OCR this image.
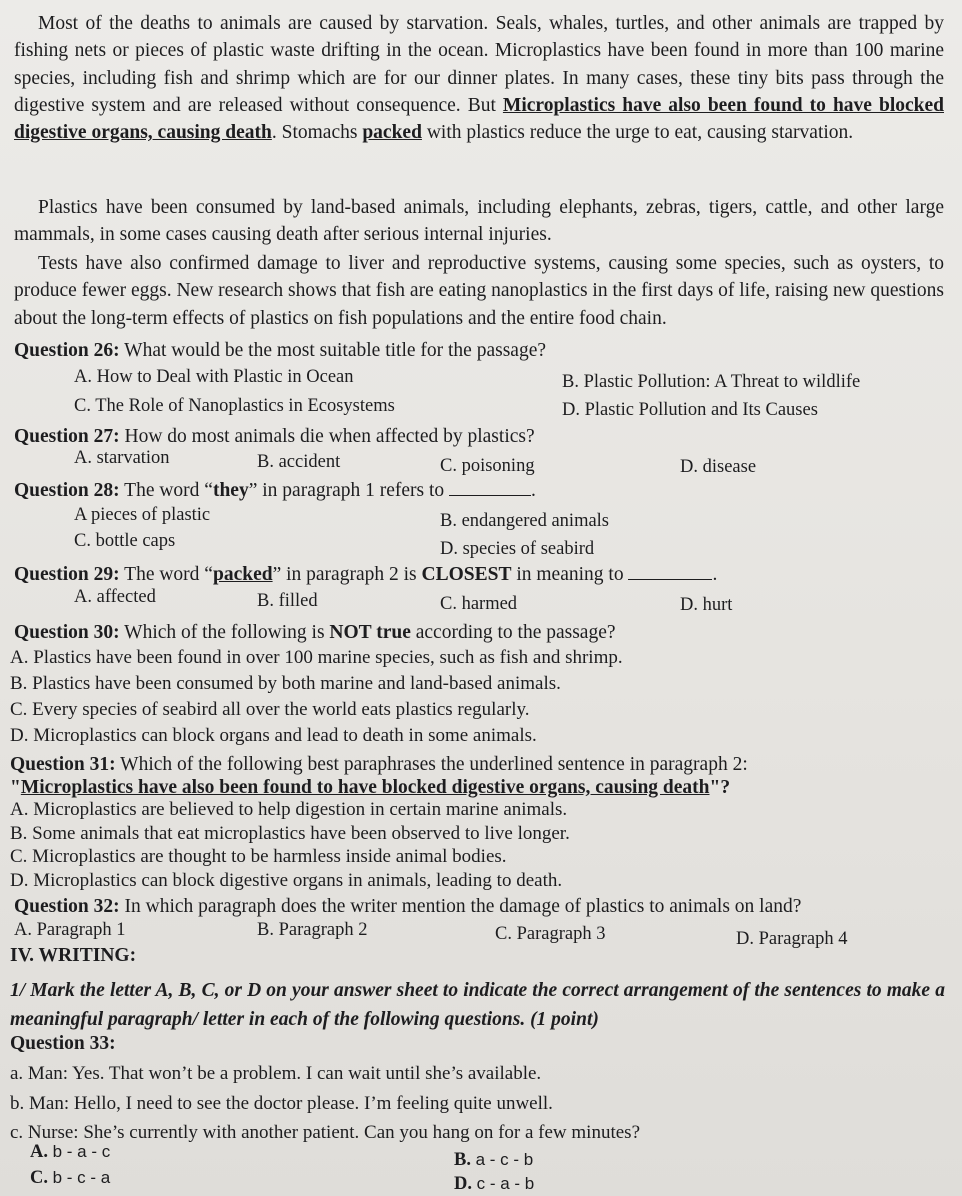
Most of the deaths to animals are caused by starvation. Seals, whales, turtles, and other animals are trapped by fishing nets or pieces of plastic waste drifting in the ocean. Microplastics have been found in more than 100 marine species, including fish and shrimp which are for our dinner plates. In many cases, these tiny bits pass through the digestive system and are released without consequence. But Microplastics have also been found to have blocked digestive organs, causing death. Stomachs packed with plastics reduce the urge to eat, causing starvation.

Plastics have been consumed by land-based animals, including elephants, zebras, tigers, cattle, and other large mammals, in some cases causing death after serious internal injuries.

Tests have also confirmed damage to liver and reproductive systems, causing some species, such as oysters, to produce fewer eggs. New research shows that fish are eating nanoplastics in the first days of life, raising new questions about the long-term effects of plastics on fish populations and the entire food chain.

Question 26: What would be the most suitable title for the passage?
A. How to Deal with Plastic in Ocean	B. Plastic Pollution: A Threat to wildlife
C. The Role of Nanoplastics in Ecosystems	D. Plastic Pollution and Its Causes
Question 27: How do most animals die when affected by plastics?
A. starvation	B. accident	C. poisoning	D. disease
Question 28: The word “they” in paragraph 1 refers to	.
A pieces of plastic	B. endangered animals
C. bottle caps	D. species of seabird
Question 29: The word “packed” in paragraph 2 is CLOSEST in meaning to	.
A. affected	B. filled	C. harmed	D. hurt
Question 30: Which of the following is NOT true according to the passage?
A. Plastics have been found in over 100 marine species, such as fish and shrimp.
B. Plastics have been consumed by both marine and land-based animals.
C. Every species of seabird all over the world eats plastics regularly.
D. Microplastics can block organs and lead to death in some animals.
Question 31: Which of the following best paraphrases the underlined sentence in paragraph 2:
"Microplastics have also been found to have blocked digestive organs, causing death"?
A. Microplastics are believed to help digestion in certain marine animals.
B. Some animals that eat microplastics have been observed to live longer.
C. Microplastics are thought to be harmless inside animal bodies.
D. Microplastics can block digestive organs in animals, leading to death.
Question 32: In which paragraph does the writer mention the damage of plastics to animals on land?
A. Paragraph 1	B. Paragraph 2	C. Paragraph 3	D. Paragraph 4
IV. WRITING:

1/ Mark the letter A, B, C, or D on your answer sheet to indicate the correct arrangement of the sentences to make a meaningful paragraph/ letter in each of the following questions. (1 point)

Question 33:
a. Man: Yes. That won’t be a problem. I can wait until she’s available.
b. Man: Hello, I need to see the doctor please. I’m feeling quite unwell.
c. Nurse: She’s currently with another patient. Can you hang on for a few minutes?
A. b - a - c	B. a - c - b
C. b - c - a	D. c - a - b
